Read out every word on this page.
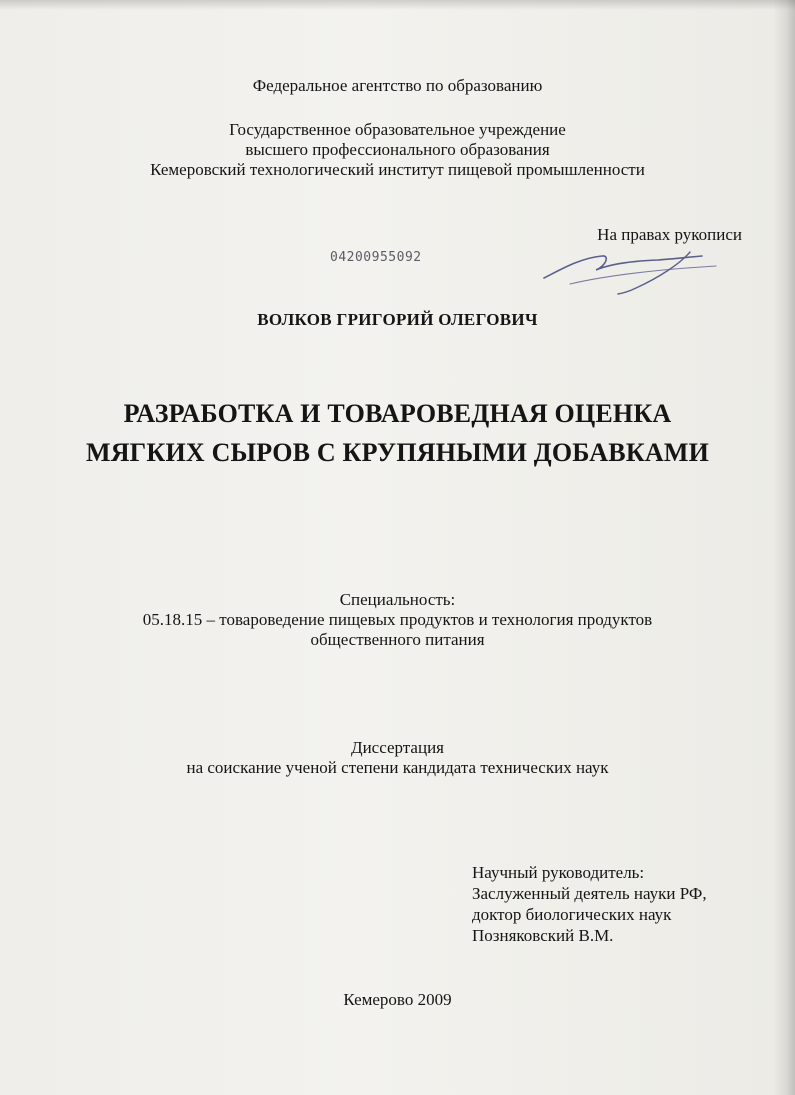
Федеральное агентство по образованию
Государственное образовательное учреждение
высшего профессионального образования
Кемеровский технологический институт пищевой промышленности
На правах рукописи
04200955092
ВОЛКОВ ГРИГОРИЙ ОЛЕГОВИЧ
РАЗРАБОТКА И ТОВАРОВЕДНАЯ ОЦЕНКА
МЯГКИХ СЫРОВ С КРУПЯНЫМИ ДОБАВКАМИ
Специальность:
05.18.15 – товароведение пищевых продуктов и технология продуктов
общественного питания
Диссертация
на соискание ученой степени кандидата технических наук
Научный руководитель:
Заслуженный деятель науки РФ,
доктор биологических наук
Позняковский В.М.
Кемерово 2009
